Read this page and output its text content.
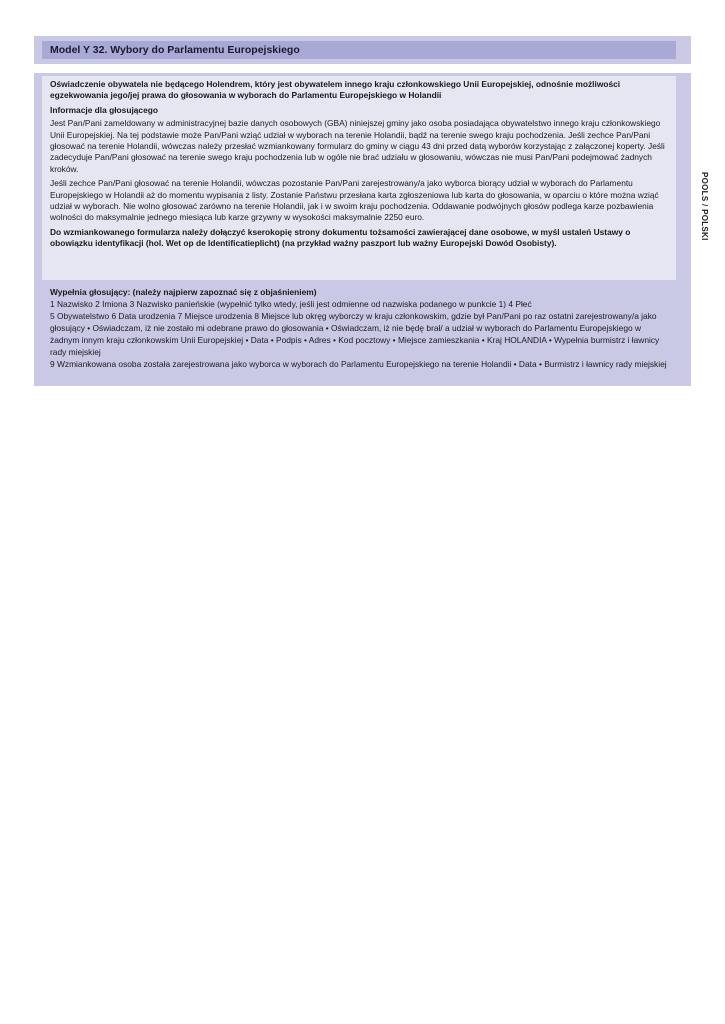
Model Y 32. Wybory do Parlamentu Europejskiego

Oświadczenie obywatela nie będącego Holendrem, który jest obywatelem innego kraju członkowskiego Unii Europejskiej, odnośnie możliwości egzekwowania jego/jej prawa do głosowania w wyborach do Parlamentu Europejskiego w Holandii

Informacje dla głosującego

Jest Pan/Pani zameldowany w administracyjnej bazie danych osobowych (GBA) niniejszej gminy jako osoba posiadająca obywatelstwo innego kraju członkowskiego Unii Europejskiej. Na tej podstawie może Pan/Pani wziąć udział w wyborach na terenie Holandii, bądź na terenie swego kraju pochodzenia. Jeśli zechce Pan/Pani głosować na terenie Holandii, wówczas należy przesłać wzmiankowany formularz do gminy w ciągu 43 dni przed datą wyborów korzystając z załączonej koperty. Jeśli zadecyduje Pan/Pani głosować na terenie swego kraju pochodzenia lub w ogóle nie brać udziału w głosowaniu, wówczas nie musi Pan/Pani podejmować żadnych kroków.

Jeśli zechce Pan/Pani głosować na terenie Holandii, wówczas pozostanie Pan/Pani zarejestrowany/a jako wyborca biorący udział w wyborach do Parlamentu Europejskiego w Holandii aż do momentu wypisania z listy. Zostanie Państwu przesłana karta zgłoszeniowa lub karta do głosowania, w oparciu o które można wziąć udział w wyborach. Nie wolno głosować zarówno na terenie Holandii, jak i w swoim kraju pochodzenia. Oddawanie podwójnych głosów podlega karze pozbawienia wolności do maksymalnie jednego miesiąca lub karze grzywny w wysokości maksymalnie 2250 euro.

Do wzmiankowanego formularza należy dołączyć kserokopię strony dokumentu tożsamości zawierającej dane osobowe, w myśl ustaleń Ustawy o obowiązku identyfikacji (hol. Wet op de Identificatieplicht) (na przykład ważny paszport lub ważny Europejski Dowód Osobisty).

Wypełnia głosujący: (należy najpierw zapoznać się z objaśnieniem)

1 Nazwisko 2 Imiona 3 Nazwisko panieńskie (wypełnić tylko wtedy, jeśli jest odmienne od nazwiska podanego w punkcie 1) 4 Płeć

5 Obywatelstwo 6 Data urodzenia 7 Miejsce urodzenia 8 Miejsce lub okręg wyborczy w kraju członkowskim, gdzie był Pan/Pani po raz ostatni zarejestrowany/a jako głosujący • Oświadczam, iż nie zostało mi odebrane prawo do głosowania • Oświadczam, iż nie będę brał/ a udział w wyborach do Parlamentu Europejskiego w żadnym innym kraju członkowskim Unii Europejskiej • Data • Podpis • Adres • Kod pocztowy • Miejsce zamieszkania • Kraj HOLANDIA • Wypełnia burmistrz i ławnicy rady miejskiej

9 Wzmiankowana osoba została zarejestrowana jako wyborca w wyborach do Parlamentu Europejskiego na terenie Holandii • Data • Burmistrz i ławnicy rady miejskiej

POOLS / POLSKI
